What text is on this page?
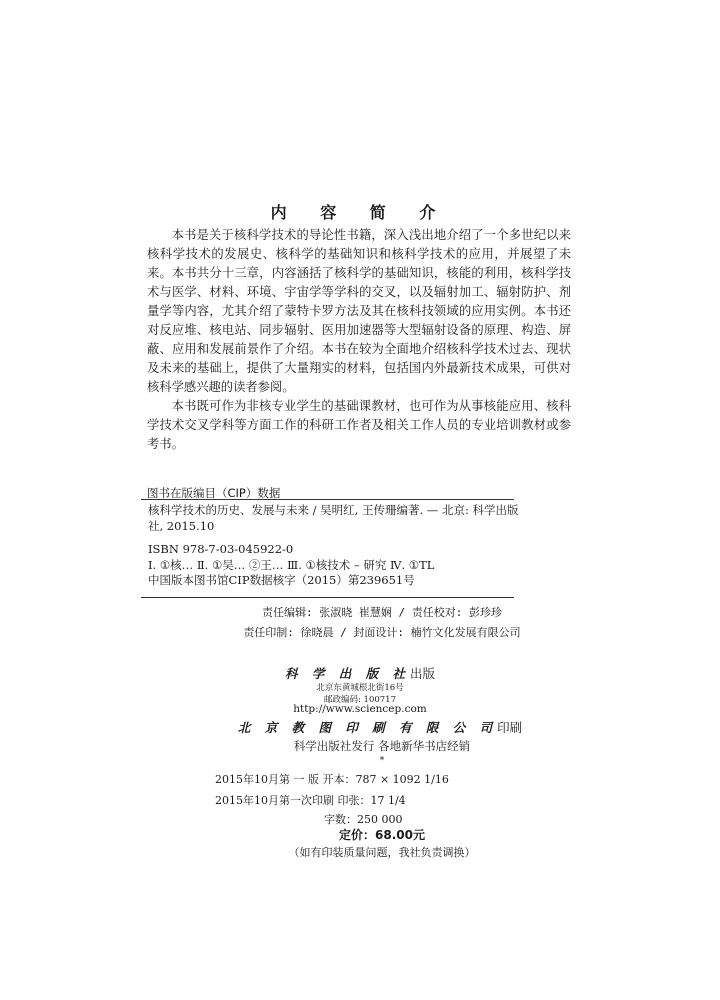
内 容 简 介

本书是关于核科学技术的导论性书籍，深入浅出地介绍了一个多世纪以来核科学技术的发展史、核科学的基础知识和核科学技术的应用，并展望了未来。本书共分十三章，内容涵括了核科学的基础知识，核能的利用，核科学技术与医学、材料、环境、宇宙学等学科的交叉，以及辐射加工、辐射防护、剂量学等内容，尤其介绍了蒙特卡罗方法及其在核科技领域的应用实例。本书还对反应堆、核电站、同步辐射、医用加速器等大型辐射设备的原理、构造、屏蔽、应用和发展前景作了介绍。本书在较为全面地介绍核科学技术过去、现状及未来的基础上，提供了大量翔实的材料，包括国内外最新技术成果，可供对核科学感兴趣的读者参阅。

本书既可作为非核专业学生的基础课教材，也可作为从事核能应用、核科学技术交叉学科等方面工作的科研工作者及相关工作人员的专业培训教材或参考书。

图书在版编目（CIP）数据
核科学技术的历史、发展与未来 / 吴明红, 王传珊编著. — 北京: 科学出版
社, 2015.10
ISBN 978-7-03-045922-0
Ⅰ. ①核… Ⅱ. ①吴… ②王… Ⅲ. ①核技术 – 研究 Ⅳ. ①TL
中国版本图书馆CIP数据核字（2015）第239651号
责任编辑: 张淑晓 崔慧娴 / 责任校对: 彭珍珍
责任印制: 徐晓晨 / 封面设计: 楠竹文化发展有限公司
科 学 出 版 社出版
北京东黄城根北街16号
邮政编码: 100717
http://www.sciencep.com
北 京 教 图 印 刷 有 限 公 司印刷
科学出版社发行 各地新华书店经销
*
2015年10月第 一 版 开本：787 × 1092 1/16
2015年10月第一次印刷 印张：17 1/4
字数：250 000
定价：68.00元
（如有印装质量问题，我社负责调换）
